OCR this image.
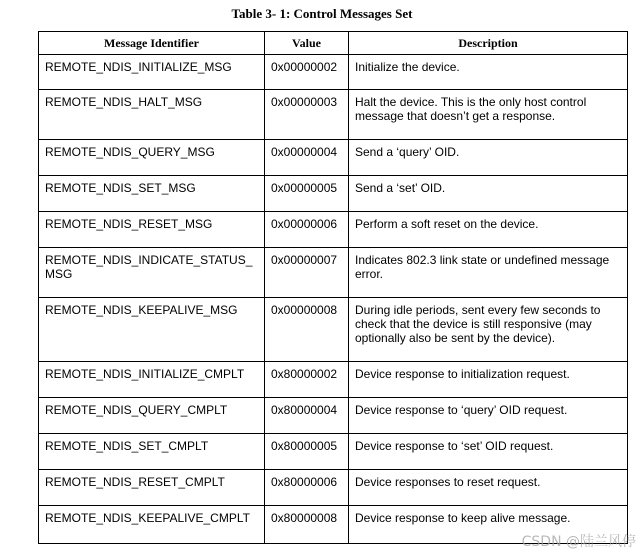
Table 3- 1: Control Messages Set
Message Identifier	Value	Description
REMOTE_NDIS_INITIALIZE_MSG	0x00000002	Initialize the device.
REMOTE_NDIS_HALT_MSG	0x00000003	Halt the device. This is the only host control message that doesn’t get a response.
REMOTE_NDIS_QUERY_MSG	0x00000004	Send a ‘query’ OID.
REMOTE_NDIS_SET_MSG	0x00000005	Send a ‘set’ OID.
REMOTE_NDIS_RESET_MSG	0x00000006	Perform a soft reset on the device.
REMOTE_NDIS_INDICATE_STATUS_ MSG	0x00000007	Indicates 802.3 link state or undefined message error.
REMOTE_NDIS_KEEPALIVE_MSG	0x00000008	During idle periods, sent every few seconds to check that the device is still responsive (may optionally also be sent by the device).
REMOTE_NDIS_INITIALIZE_CMPLT	0x80000002	Device response to initialization request.
REMOTE_NDIS_QUERY_CMPLT	0x80000004	Device response to ‘query’ OID request.
REMOTE_NDIS_SET_CMPLT	0x80000005	Device response to ‘set’ OID request.
REMOTE_NDIS_RESET_CMPLT	0x80000006	Device responses to reset request.
REMOTE_NDIS_KEEPALIVE_CMPLT	0x80000008	Device response to keep alive message.
CSDN @陆兰风停
